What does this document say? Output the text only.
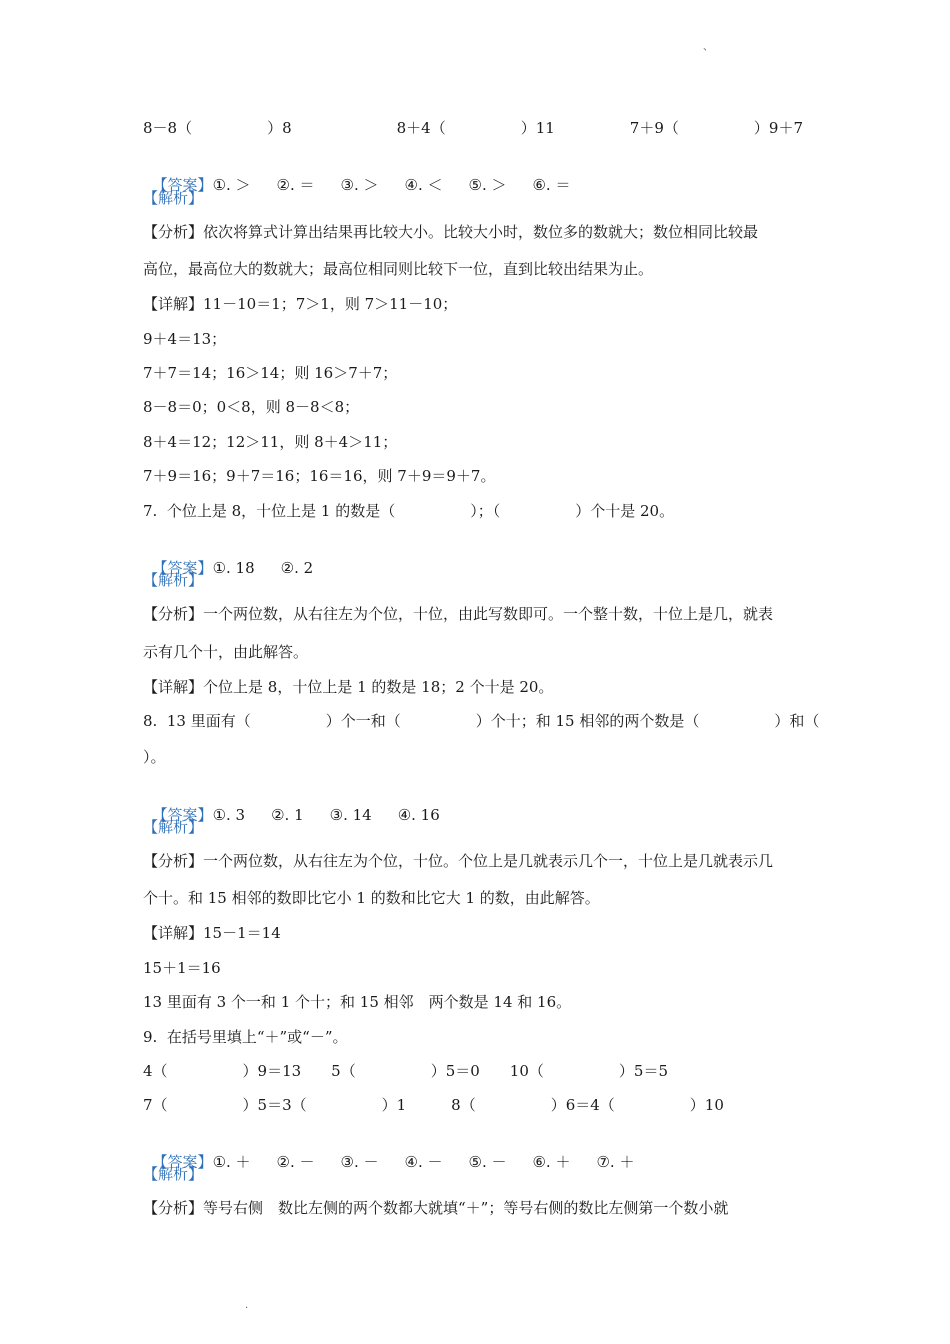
、
8－8（　　　　　）8　　　　　　　8＋4（　　　　　）11　　　　　7＋9（　　　　　）9＋7

【答案】①. ＞ ②. ＝ ③. ＞ ④. ＜ ⑤. ＞ ⑥. ＝

【解析】
【分析】依次将算式计算出结果再比较大小。比较大小时，数位多的数就大；数位相同比较最
高位，最高位大的数就大；最高位相同则比较下一位，直到比较出结果为止。
【详解】11－10＝1；7＞1，则 7＞11－10；
9＋4＝13；
7＋7＝14；16＞14；则 16＞7＋7；
8－8＝0；0＜8，则 8－8＜8；
8＋4＝12；12＞11，则 8＋4＞11；
7＋9＝16；9＋7＝16；16＝16，则 7＋9＝9＋7。
7.  个位上是 8，十位上是 1 的数是（　　　　　）；（　　　　　）个十是 20。

【答案】①. 18 ②. 2

【解析】
【分析】一个两位数，从右往左为个位，十位，由此写数即可。一个整十数，十位上是几，就表
示有几个十，由此解答。
【详解】个位上是 8，十位上是 1 的数是 18；2 个十是 20。
8.  13 里面有（　　　　　）个一和（　　　　　）个十；和 15 相邻的两个数是（　　　　　）和（
）。

【答案】①. 3 ②. 1 ③. 14 ④. 16

【解析】
【分析】一个两位数，从右往左为个位，十位。个位上是几就表示几个一，十位上是几就表示几
个十。和 15 相邻的数即比它小 1 的数和比它大 1 的数，由此解答。
【详解】15－1＝14
15＋1＝16
13 里面有 3 个一和 1 个十；和 15 相邻　两个数是 14 和 16。
9.  在括号里填上“＋”或“－”。
4（　　　　　）9＝13　　5（　　　　　）5＝0　　10（　　　　　）5＝5
7（　　　　　）5＝3（　　　　　）1　　　8（　　　　　）6＝4（　　　　　）10

【答案】①. ＋ ②. － ③. － ④. － ⑤. － ⑥. ＋ ⑦. ＋

【解析】
【分析】等号右侧　数比左侧的两个数都大就填“＋”；等号右侧的数比左侧第一个数小就
.
